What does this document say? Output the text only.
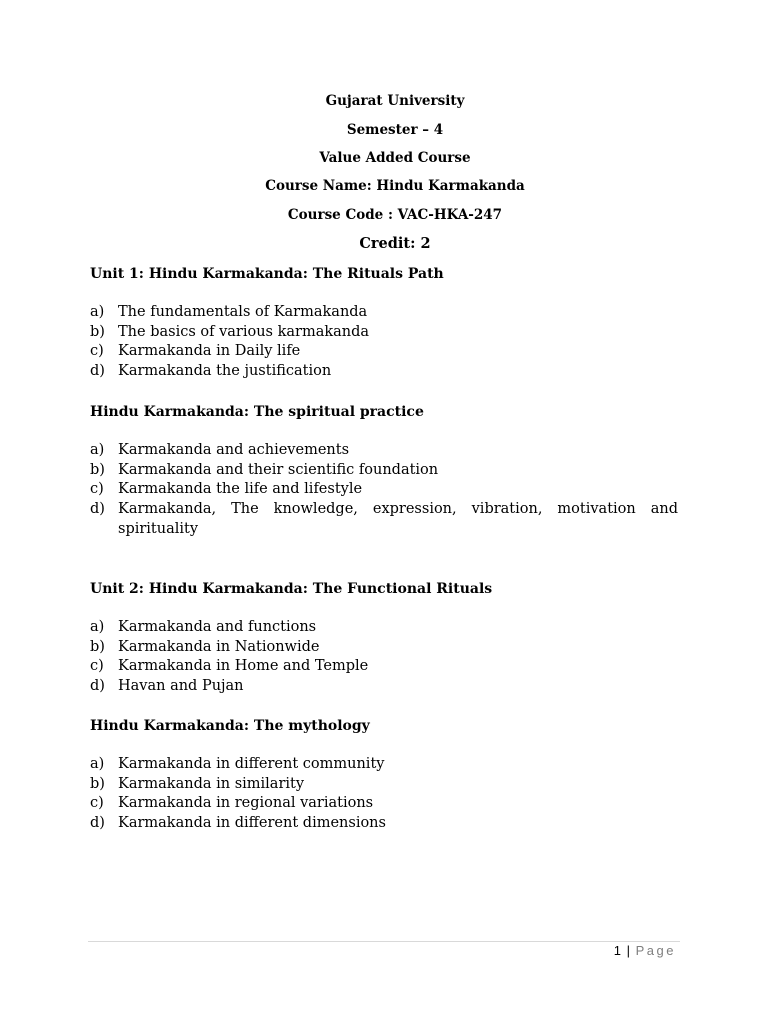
Gujarat University
Semester – 4
Value Added Course
Course Name: Hindu Karmakanda
Course Code : VAC-HKA-247
Credit: 2
Unit 1: Hindu Karmakanda: The Rituals Path
a) The fundamentals of Karmakanda
b) The basics of various karmakanda
c) Karmakanda in Daily life
d) Karmakanda the justification
Hindu Karmakanda: The spiritual practice
a) Karmakanda and achievements
b) Karmakanda and their scientific foundation
c) Karmakanda the life and lifestyle
d) Karmakanda, The knowledge, expression, vibration, motivation and spirituality
Unit 2: Hindu Karmakanda: The Functional Rituals
a) Karmakanda and functions
b) Karmakanda in Nationwide
c) Karmakanda in Home and Temple
d) Havan and Pujan
Hindu Karmakanda: The mythology
a) Karmakanda in different community
b) Karmakanda in similarity
c) Karmakanda in regional variations
d) Karmakanda in different dimensions
1 | Page
